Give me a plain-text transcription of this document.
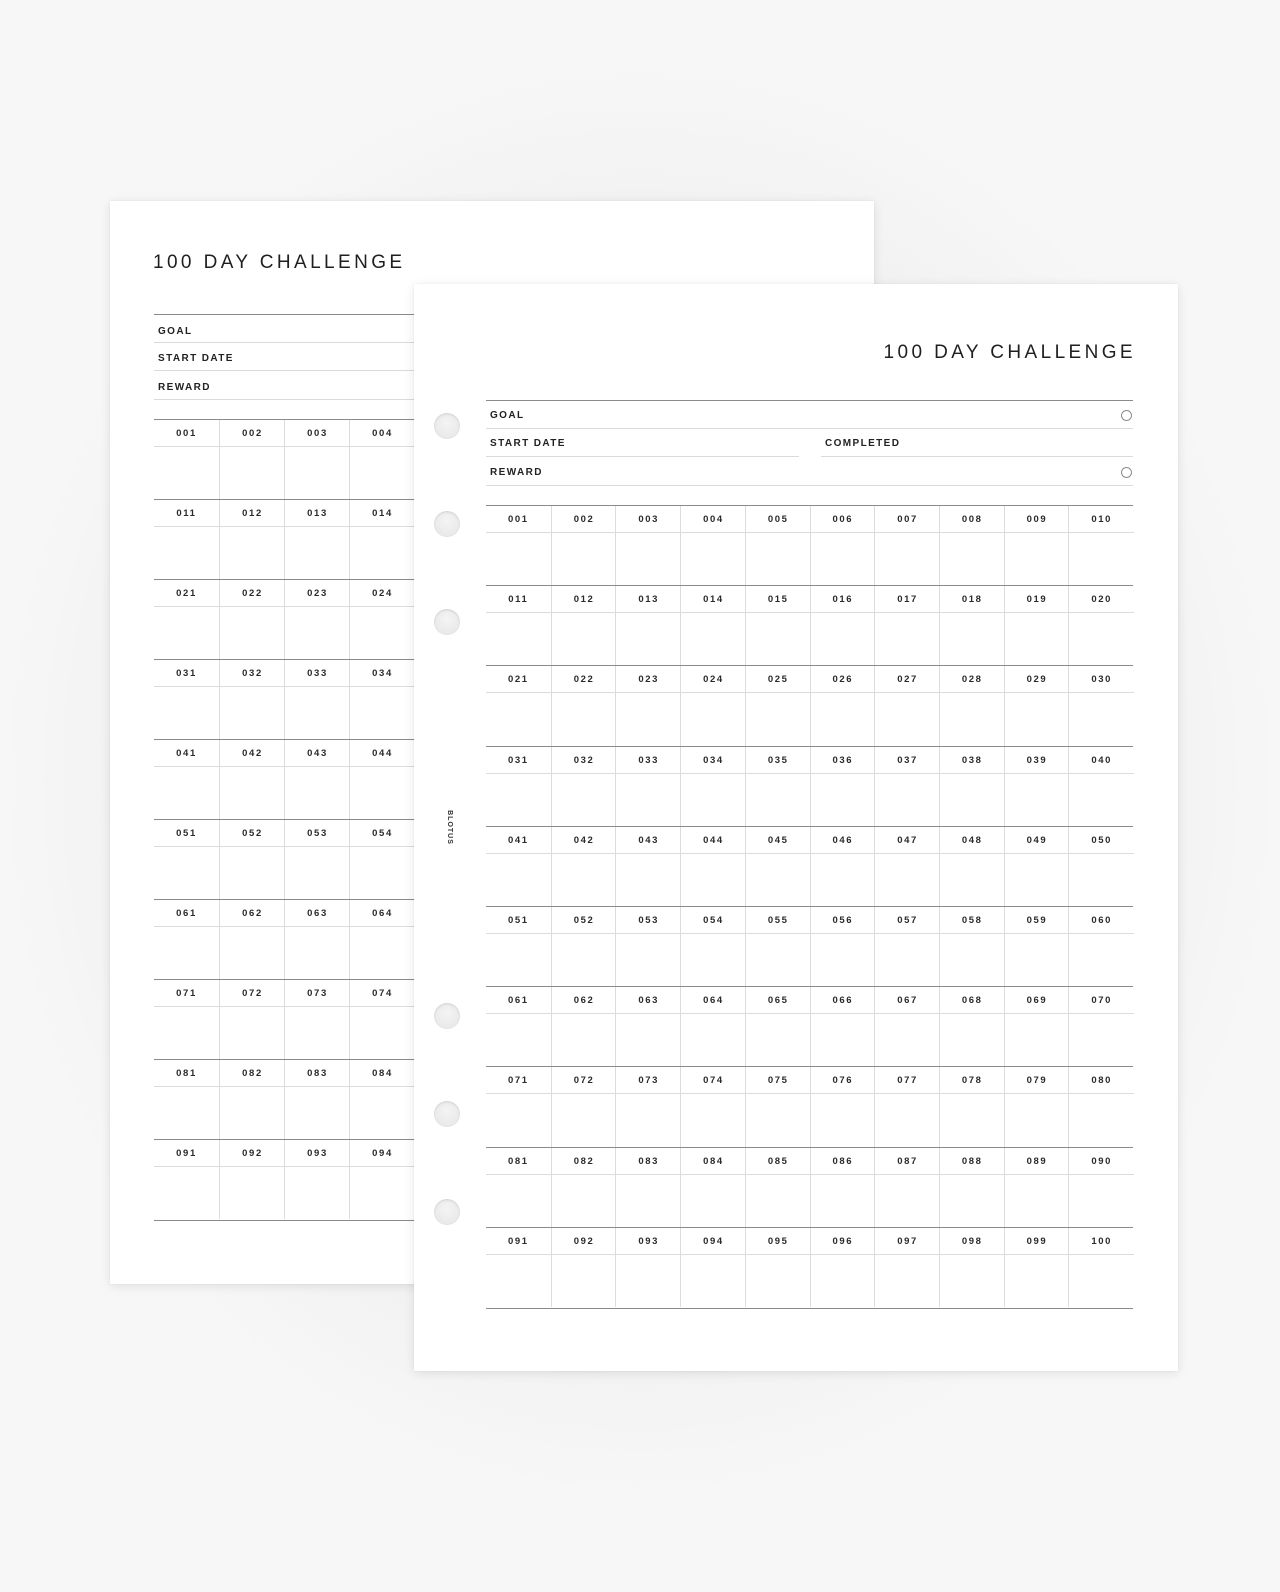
100 DAY CHALLENGE
GOAL
START DATE
REWARD
001	002	003	004
011	012	013	014
021	022	023	024
031	032	033	034
041	042	043	044
051	052	053	054
061	062	063	064
071	072	073	074
081	082	083	084
091	092	093	094
100 DAY CHALLENGE
BLOTUS
GOAL
START DATE	COMPLETED
REWARD
001	002	003	004	005	006	007	008	009	010
011	012	013	014	015	016	017	018	019	020
021	022	023	024	025	026	027	028	029	030
031	032	033	034	035	036	037	038	039	040
041	042	043	044	045	046	047	048	049	050
051	052	053	054	055	056	057	058	059	060
061	062	063	064	065	066	067	068	069	070
071	072	073	074	075	076	077	078	079	080
081	082	083	084	085	086	087	088	089	090
091	092	093	094	095	096	097	098	099	100
